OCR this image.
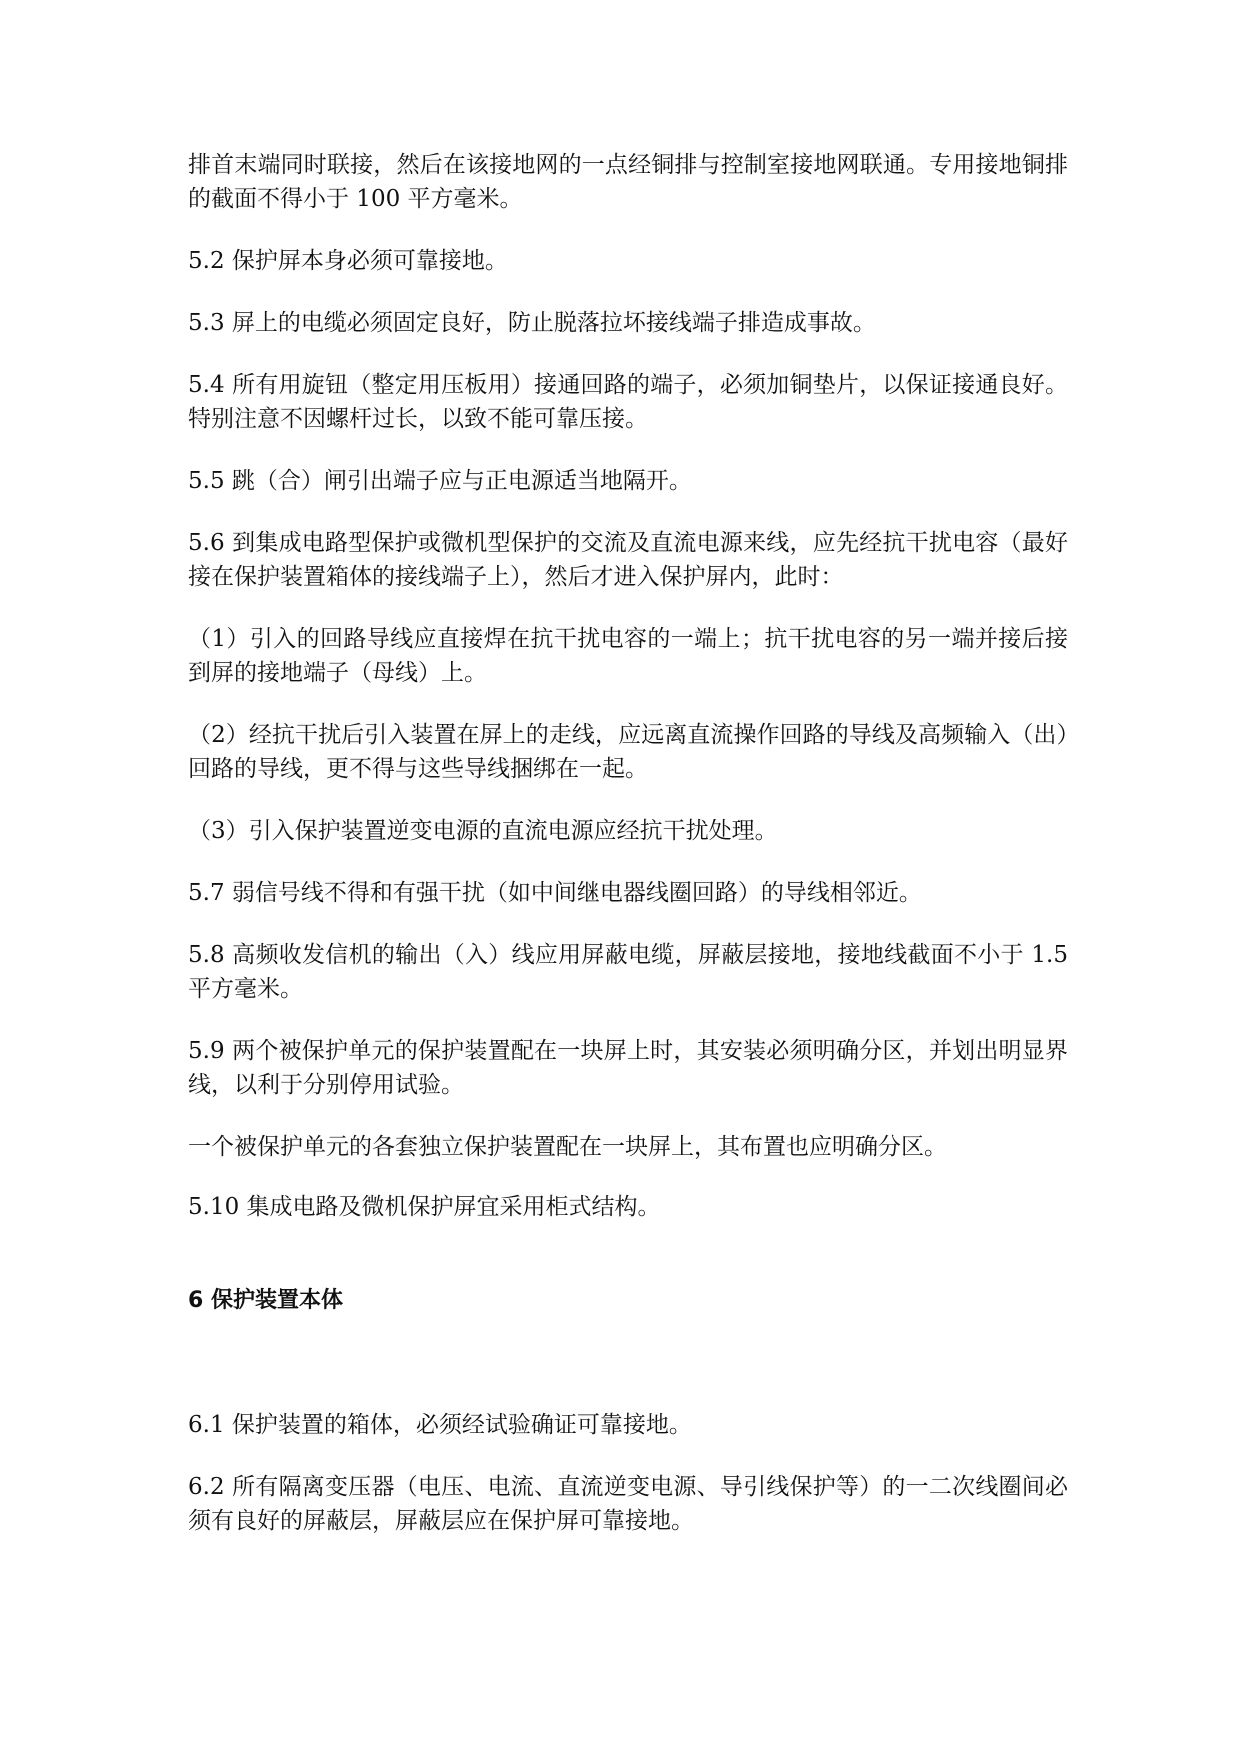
排首末端同时联接，然后在该接地网的一点经铜排与控制室接地网联通。专用接地铜排的截面不得小于 100 平方毫米。

5.2 保护屏本身必须可靠接地。

5.3 屏上的电缆必须固定良好，防止脱落拉坏接线端子排造成事故。

5.4 所有用旋钮（整定用压板用）接通回路的端子，必须加铜垫片，以保证接通良好。特别注意不因螺杆过长，以致不能可靠压接。

5.5 跳（合）闸引出端子应与正电源适当地隔开。

5.6 到集成电路型保护或微机型保护的交流及直流电源来线，应先经抗干扰电容（最好接在保护装置箱体的接线端子上），然后才进入保护屏内，此时：

（1）引入的回路导线应直接焊在抗干扰电容的一端上；抗干扰电容的另一端并接后接到屏的接地端子（母线）上。

（2）经抗干扰后引入装置在屏上的走线，应远离直流操作回路的导线及高频输入（出）回路的导线，更不得与这些导线捆绑在一起。

（3）引入保护装置逆变电源的直流电源应经抗干扰处理。

5.7 弱信号线不得和有强干扰（如中间继电器线圈回路）的导线相邻近。

5.8 高频收发信机的输出（入）线应用屏蔽电缆，屏蔽层接地，接地线截面不小于 1.5 平方毫米。

5.9 两个被保护单元的保护装置配在一块屏上时，其安装必须明确分区，并划出明显界线，以利于分别停用试验。

一个被保护单元的各套独立保护装置配在一块屏上，其布置也应明确分区。

5.10 集成电路及微机保护屏宜采用柜式结构。

6 保护装置本体

6.1 保护装置的箱体，必须经试验确证可靠接地。

6.2 所有隔离变压器（电压、电流、直流逆变电源、导引线保护等）的一二次线圈间必须有良好的屏蔽层，屏蔽层应在保护屏可靠接地。
